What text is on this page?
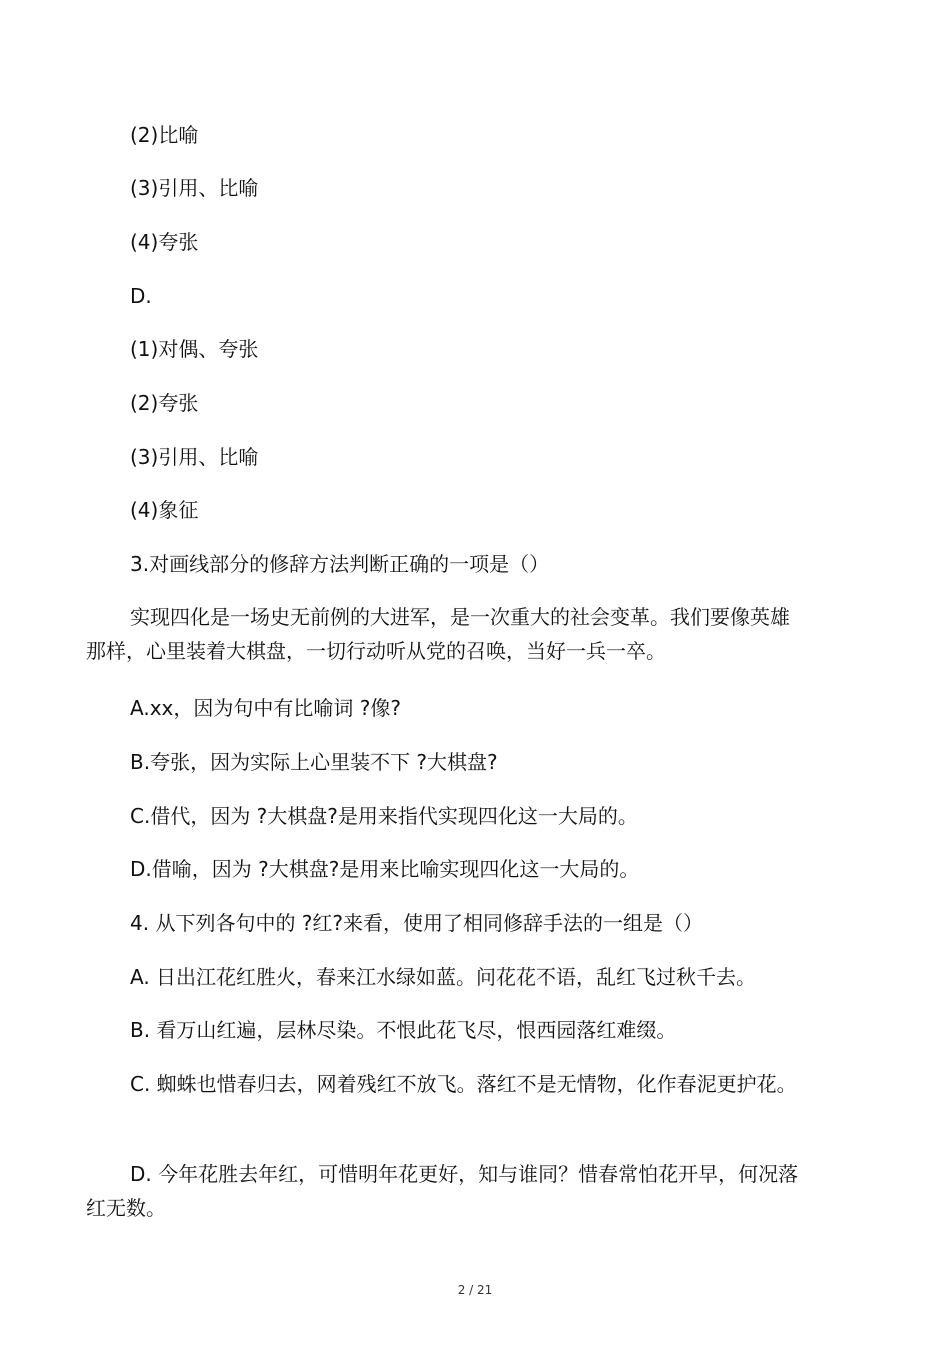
(2)比喻
(3)引用、比喻
(4)夸张
D.
(1)对偶、夸张
(2)夸张
(3)引用、比喻
(4)象征
3.对画线部分的修辞方法判断正确的一项是（）
实现四化是一场史无前例的大进军，是一次重大的社会变革。我们要像英雄那样，心里装着大棋盘，一切行动听从党的召唤，当好一兵一卒。
A.xx，因为句中有比喻词 ?像?
B.夸张，因为实际上心里装不下 ?大棋盘?
C.借代，因为 ?大棋盘?是用来指代实现四化这一大局的。
D.借喻，因为 ?大棋盘?是用来比喻实现四化这一大局的。
4. 从下列各句中的 ?红?来看，使用了相同修辞手法的一组是（）
A. 日出江花红胜火，春来江水绿如蓝。问花花不语，乱红飞过秋千去。
B. 看万山红遍，层林尽染。不恨此花飞尽，恨西园落红难缀。
C. 蜘蛛也惜春归去，网着残红不放飞。落红不是无情物，化作春泥更护花。
D. 今年花胜去年红，可惜明年花更好，知与谁同？惜春常怕花开早，何况落红无数。
2 / 21
